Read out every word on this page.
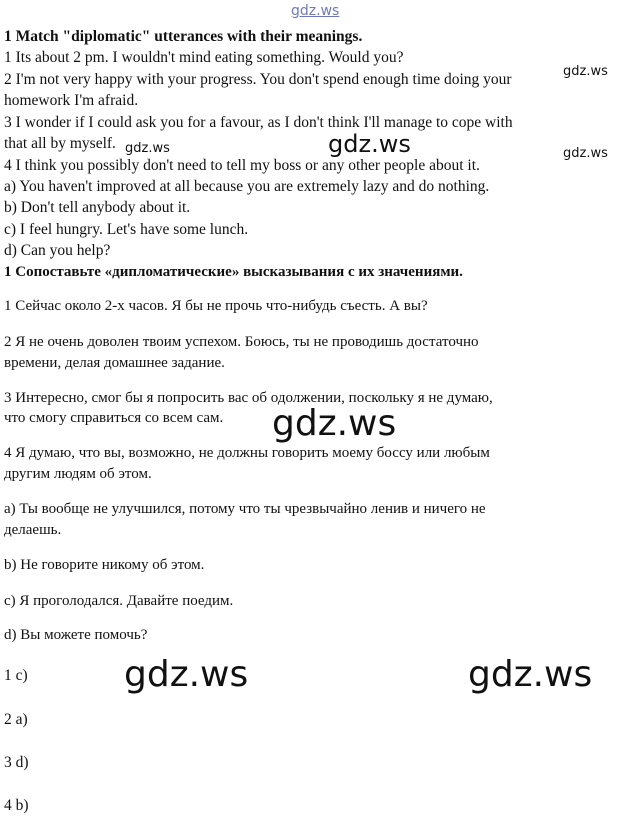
gdz.ws
1 Match "diplomatic" utterances with their meanings.
1 Its about 2 pm. I wouldn't mind eating something. Would you?
2 I'm not very happy with your progress. You don't spend enough time doing your
homework I'm afraid.
3 I wonder if I could ask you for a favour, as I don't think I'll manage to cope with
that all by myself.
4 I think you possibly don't need to tell my boss or any other people about it.
a) You haven't improved at all because you are extremely lazy and do nothing.
b) Don't tell anybody about it.
c) I feel hungry. Let's have some lunch.
d) Can you help?
1 Сопоставьте «дипломатические» высказывания с их значениями.
1 Сейчас около 2-х часов. Я бы не прочь что-нибудь съесть. А вы?
2 Я не очень доволен твоим успехом. Боюсь, ты не проводишь достаточно
времени, делая домашнее задание.
3 Интересно, смог бы я попросить вас об одолжении, поскольку я не думаю,
что смогу справиться со всем сам.
4 Я думаю, что вы, возможно, не должны говорить моему боссу или любым
другим людям об этом.
a) Ты вообще не улучшился, потому что ты чрезвычайно ленив и ничего не
делаешь.
b) Не говорите никому об этом.
c) Я проголодался. Давайте поедим.
d) Вы можете помочь?
1 c)
2 a)
3 d)
4 b)
gdz.ws
gdz.ws	gdz.ws
gdz.ws
gdz.ws
gdz.ws	gdz.ws
